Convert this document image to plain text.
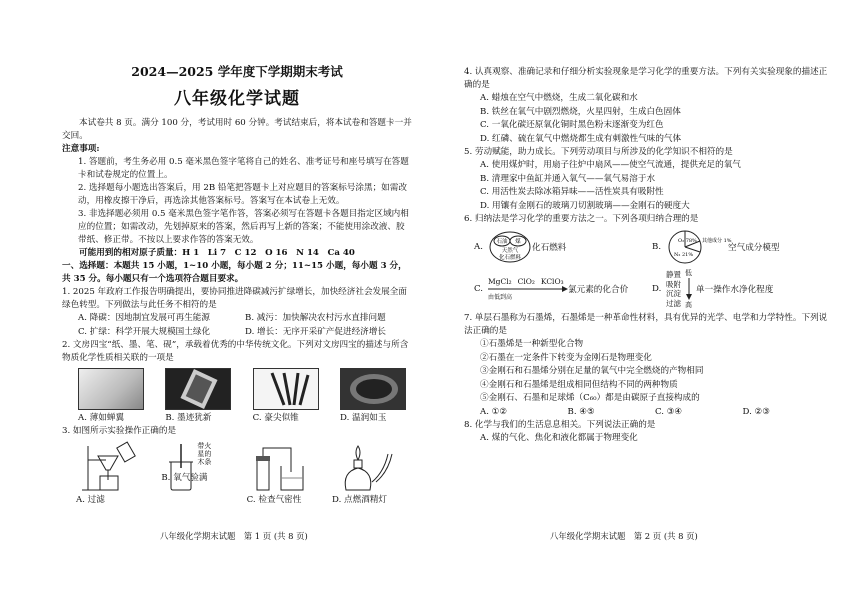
2024—2025 学年度下学期期末考试
八年级化学试题

本试卷共 8 页。满分 100 分，考试用时 60 分钟。考试结束后，将本试卷和答题卡一并交回。

注意事项:

1. 答题前，考生务必用 0.5 毫米黑色签字笔将自己的姓名、准考证号和座号填写在答题卡和试卷规定的位置上。

2. 选择题每小题选出答案后，用 2B 铅笔把答题卡上对应题目的答案标号涂黑；如需改动，用橡皮擦干净后，再选涂其他答案标号。答案写在本试卷上无效。

3. 非选择题必须用 0.5 毫米黑色签字笔作答，答案必须写在答题卡各题目指定区域内相应的位置；如需改动，先划掉原来的答案，然后再写上新的答案；不能使用涂改液、胶带纸、修正带。不按以上要求作答的答案无效。

可能用到的相对原子质量：H 1　Li 7　C 12　O 16　N 14　Ca 40

一、选择题：本题共 15 小题，1~10 小题，每小题 2 分；11~15 小题，每小题 3 分，共 35 分。每小题只有一个选项符合题目要求。

1. 2025 年政府工作报告明确提出，要协同推进降碳减污扩绿增长，加快经济社会发展全面绿色转型。下列做法与此任务不相符的是

A. 降碳：因地制宜发展可再生能源	B. 减污：加快解决农村污水直排问题
C. 扩绿：科学开展大规模国土绿化	D. 增长：无序开采矿产促进经济增长

2. 文房四宝“纸、墨、笔、砚”，承载着优秀的中华传统文化。下列对文房四宝的描述与所含物质化学性质相关联的一项是

A. 薄如蝉翼	B. 墨迹犹新	C. 豪尖似锥	D. 温润如玉

3. 如图所示实验操作正确的是

A. 过滤
带火星的木条
B. 氧气验满
C. 检查气密性	D. 点燃酒精灯
八年级化学期末试题　第 1 页 (共 8 页)

4. 认真观察、准确记录和仔细分析实验现象是学习化学的重要方法。下列有关实验现象的描述正确的是

A. 蜡烛在空气中燃烧，生成二氧化碳和水
B. 铁丝在氧气中剧烈燃烧，火星四射，生成白色固体
C. 一氧化碳还原氧化铜时黑色粉末逐渐变为红色
D. 红磷、硫在氧气中燃烧都生成有刺激性气味的气体

5. 劳动赋能，助力成长。下列劳动项目与所涉及的化学知识不相符的是

A. 使用煤炉时，用扇子往炉中扇风——使空气流通，提供充足的氧气
B. 清理家中鱼缸并通入氧气——氧气易溶于水
C. 用活性炭去除冰箱异味——活性炭具有吸附性
D. 用镶有金刚石的玻璃刀切割玻璃——金刚石的硬度大

6. 归纳法是学习化学的重要方法之一。下列各项归纳合理的是

A.	石油 煤
天然气
化石燃料
化石燃料	B.
O₂ 78%
N₂ 21%
其他成分 1%
空气成分模型
C.
MgCl₂ ClO₂ KClO₃
由低到高
氯元素的化合价	D.
静置
吸附
沉淀
过滤
低
高
单一操作水净化程度

7. 单层石墨称为石墨烯，石墨烯是一种革命性材料，具有优异的光学、电学和力学特性。下列说法正确的是

①石墨烯是一种新型化合物
②石墨在一定条件下转变为金刚石是物理变化
③金刚石和石墨烯分别在足量的氧气中完全燃烧的产物相同
④金刚石和石墨烯是组成相同但结构不同的两种物质
⑤金刚石、石墨和足球烯（C₆₀）都是由碳原子直接构成的
A. ①②	B. ④⑤	C. ③④	D. ②③

8. 化学与我们的生活息息相关。下列说法正确的是

A. 煤的气化、焦化和液化都属于物理变化
八年级化学期末试题　第 2 页 (共 8 页)
